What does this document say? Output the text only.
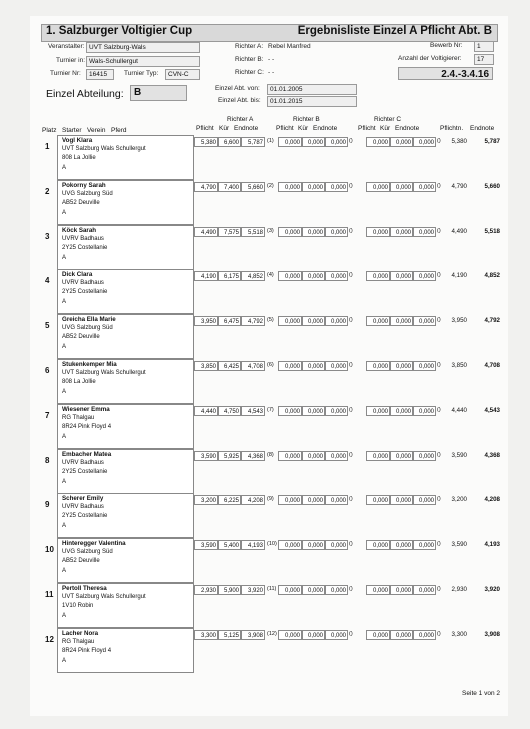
1. Salzburger Voltigier Cup	Ergebnisliste Einzel A Pflicht Abt. B
Veranstalter: UVT Salzburg-Wals
Turnier in: Wals-Schullergut
Turnier Nr:	16415	Turnier Typ:	CVN-C
Richter A: Rebel Manfred
Richter B: - -
Richter C: - -
Bewerb Nr:	1
Anzahl der Voltigierer:	17
2.4.-3.4.16
Einzel Abteilung:	B	Einzel Abt. von:	01.01.2005
Einzel Abt. bis:	01.01.2015
Richter A	Richter B	Richter C
Platz Starter Verein Pferd	Pflicht Kür Endnote	Pflicht Kür Endnote	Pflicht Kür Endnote	Pflichtn. Endnote
1
Vogl Klara
UVT Salzburg Wals Schullergut
808 La Jollie
A
5,380	6,600	5,787 (1)	0,000	0,000	0,000 ()	0,000	0,000	0,000 ()	5,380	5,787
2
Pokorny Sarah
UVG Salzburg Süd
AB52 Deuville
A
4,790	7,400	5,660 (2)	0,000	0,000	0,000 ()	0,000	0,000	0,000 ()	4,790	5,660
3
Köck Sarah
UVRV Badhaus
2Y25 Costellanie
A
4,490	7,575	5,518 (3)	0,000	0,000	0,000 ()	0,000	0,000	0,000 ()	4,490	5,518
4
Dick Clara
UVRV Badhaus
2Y25 Costellanie
A
4,190	6,175	4,852 (4)	0,000	0,000	0,000 ()	0,000	0,000	0,000 ()	4,190	4,852
5
Greicha Ella Marie
UVG Salzburg Süd
AB52 Deuville
A
3,950	6,475	4,792 (5)	0,000	0,000	0,000 ()	0,000	0,000	0,000 ()	3,950	4,792
6
Stukenkemper Mia
UVT Salzburg Wals Schullergut
808 La Jollie
A
3,850	6,425	4,708 (6)	0,000	0,000	0,000 ()	0,000	0,000	0,000 ()	3,850	4,708
7
Wiesener Emma
RG Thalgau
8R24 Pink Floyd 4
A
4,440	4,750	4,543 (7)	0,000	0,000	0,000 ()	0,000	0,000	0,000 ()	4,440	4,543
8
Embacher Matea
UVRV Badhaus
2Y25 Costellanie
A
3,590	5,925	4,368 (8)	0,000	0,000	0,000 ()	0,000	0,000	0,000 ()	3,590	4,368
9
Scherer Emily
UVRV Badhaus
2Y25 Costellanie
A
3,200	6,225	4,208 (9)	0,000	0,000	0,000 ()	0,000	0,000	0,000 ()	3,200	4,208
10
Hinteregger Valentina
UVG Salzburg Süd
AB52 Deuville
A
3,590	5,400	4,193 (10)	0,000	0,000	0,000 ()	0,000	0,000	0,000 ()	3,590	4,193
11
Pertoll Theresa
UVT Salzburg Wals Schullergut
1V10 Robin
A
2,930	5,900	3,920 (11)	0,000	0,000	0,000 ()	0,000	0,000	0,000 ()	2,930	3,920
12
Lacher Nora
RG Thalgau
8R24 Pink Floyd 4
A
3,300	5,125	3,908 (12)	0,000	0,000	0,000 ()	0,000	0,000	0,000 ()	3,300	3,908
Seite 1 von 2
